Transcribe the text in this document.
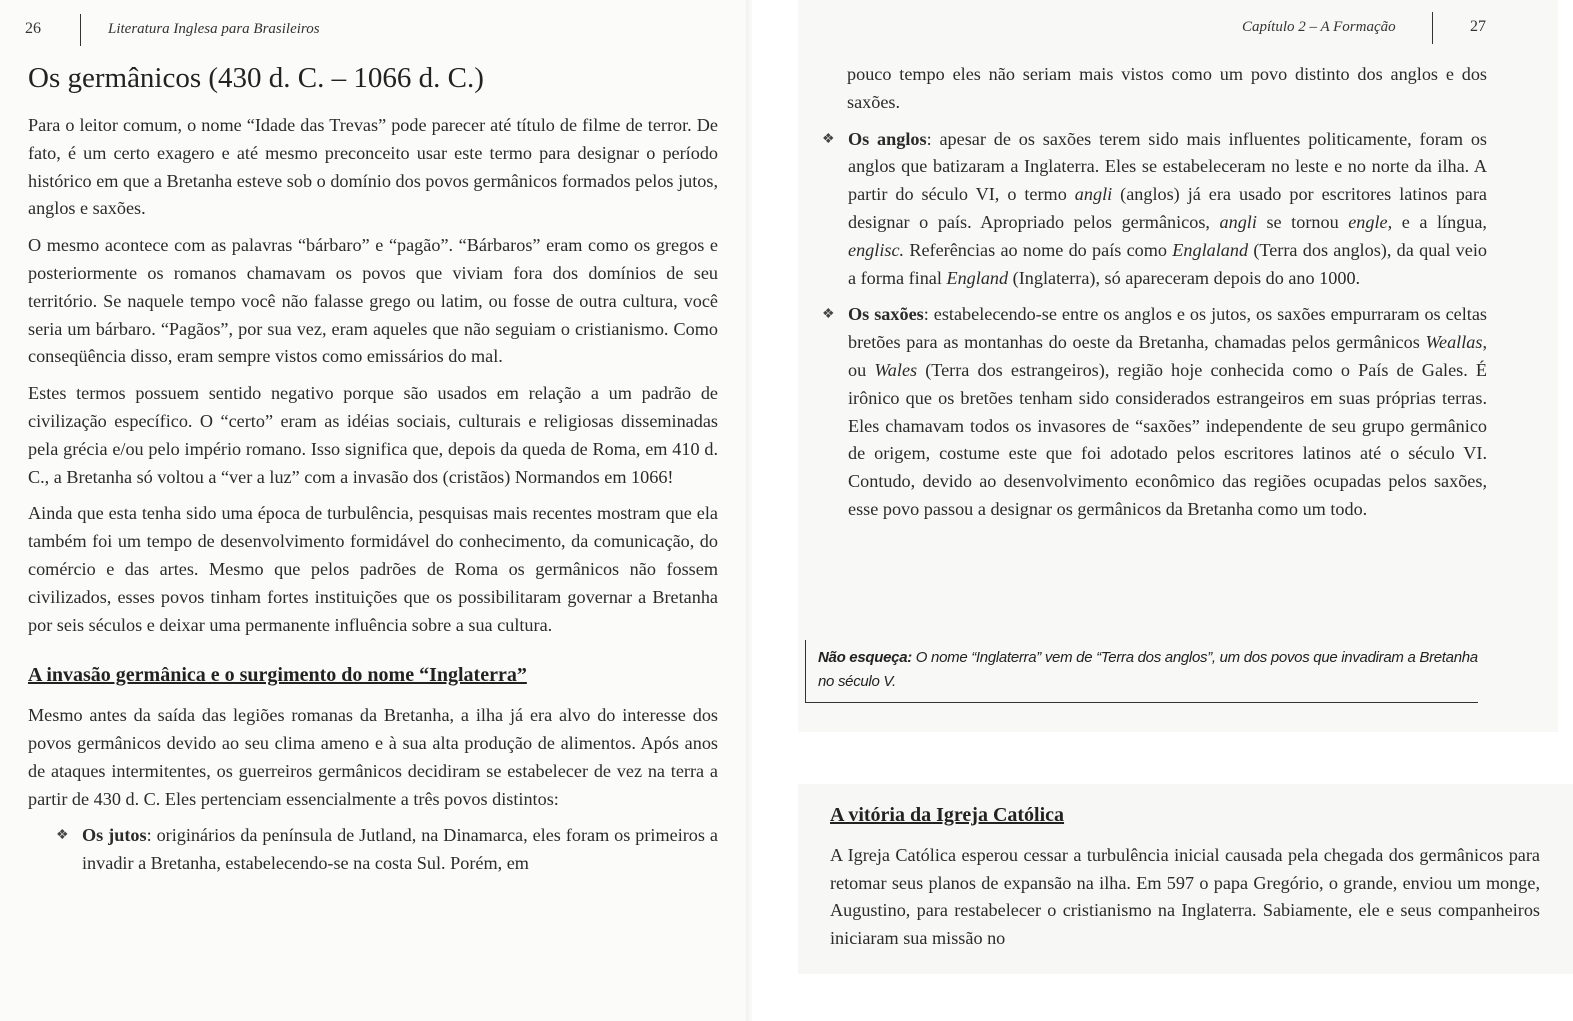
26	Literatura Inglesa para Brasileiros
Os germânicos (430 d. C. – 1066 d. C.)

Para o leitor comum, o nome “Idade das Trevas” pode parecer até título de filme de terror. De fato, é um certo exagero e até mesmo preconceito usar este termo para designar o período histórico em que a Bretanha esteve sob o domínio dos povos germânicos formados pelos jutos, anglos e saxões.

O mesmo acontece com as palavras “bárbaro” e “pagão”. “Bárbaros” eram como os gregos e posteriormente os romanos chamavam os povos que viviam fora dos domínios de seu território. Se naquele tempo você não falasse grego ou latim, ou fosse de outra cultura, você seria um bárbaro. “Pagãos”, por sua vez, eram aqueles que não seguiam o cristianismo. Como conseqüência disso, eram sempre vistos como emissários do mal.

Estes termos possuem sentido negativo porque são usados em relação a um padrão de civilização específico. O “certo” eram as idéias sociais, culturais e religiosas disseminadas pela grécia e/ou pelo império romano. Isso significa que, depois da queda de Roma, em 410 d. C., a Bretanha só voltou a “ver a luz” com a invasão dos (cristãos) Normandos em 1066!

Ainda que esta tenha sido uma época de turbulência, pesquisas mais recentes mostram que ela também foi um tempo de desenvolvimento formidável do conhecimento, da comunicação, do comércio e das artes. Mesmo que pelos padrões de Roma os germânicos não fossem civilizados, esses povos tinham fortes instituições que os possibilitaram governar a Bretanha por seis séculos e deixar uma permanente influência sobre a sua cultura.

A invasão germânica e o surgimento do nome “Inglaterra”

Mesmo antes da saída das legiões romanas da Bretanha, a ilha já era alvo do interesse dos povos germânicos devido ao seu clima ameno e à sua alta produção de alimentos. Após anos de ataques intermitentes, os guerreiros germânicos decidiram se estabelecer de vez na terra a partir de 430 d. C. Eles pertenciam essencialmente a três povos distintos:

❖ Os jutos: originários da península de Jutland, na Dinamarca, eles foram os primeiros a invadir a Bretanha, estabelecendo-se na costa Sul. Porém, em
Capítulo 2 – A Formação	27

pouco tempo eles não seriam mais vistos como um povo distinto dos anglos e dos saxões.

❖ Os anglos: apesar de os saxões terem sido mais influentes politicamente, foram os anglos que batizaram a Inglaterra. Eles se estabeleceram no leste e no norte da ilha. A partir do século VI, o termo angli (anglos) já era usado por escritores latinos para designar o país. Apropriado pelos germânicos, angli se tornou engle, e a língua, englisc. Referências ao nome do país como Englaland (Terra dos anglos), da qual veio a forma final England (Inglaterra), só apareceram depois do ano 1000.
❖ Os saxões: estabelecendo-se entre os anglos e os jutos, os saxões empurraram os celtas bretões para as montanhas do oeste da Bretanha, chamadas pelos germânicos Weallas, ou Wales (Terra dos estrangeiros), região hoje conhecida como o País de Gales. É irônico que os bretões tenham sido considerados estrangeiros em suas próprias terras. Eles chamavam todos os invasores de “saxões” independente de seu grupo germânico de origem, costume este que foi adotado pelos escritores latinos até o século VI. Contudo, devido ao desenvolvimento econômico das regiões ocupadas pelos saxões, esse povo passou a designar os germânicos da Bretanha como um todo.
Não esqueça: O nome “Inglaterra” vem de “Terra dos anglos”, um dos povos que invadiram a Bretanha no século V.
A vitória da Igreja Católica

A Igreja Católica esperou cessar a turbulência inicial causada pela chegada dos germânicos para retomar seus planos de expansão na ilha. Em 597 o papa Gregório, o grande, enviou um monge, Augustino, para restabelecer o cristianismo na Inglaterra. Sabiamente, ele e seus companheiros iniciaram sua missão no
